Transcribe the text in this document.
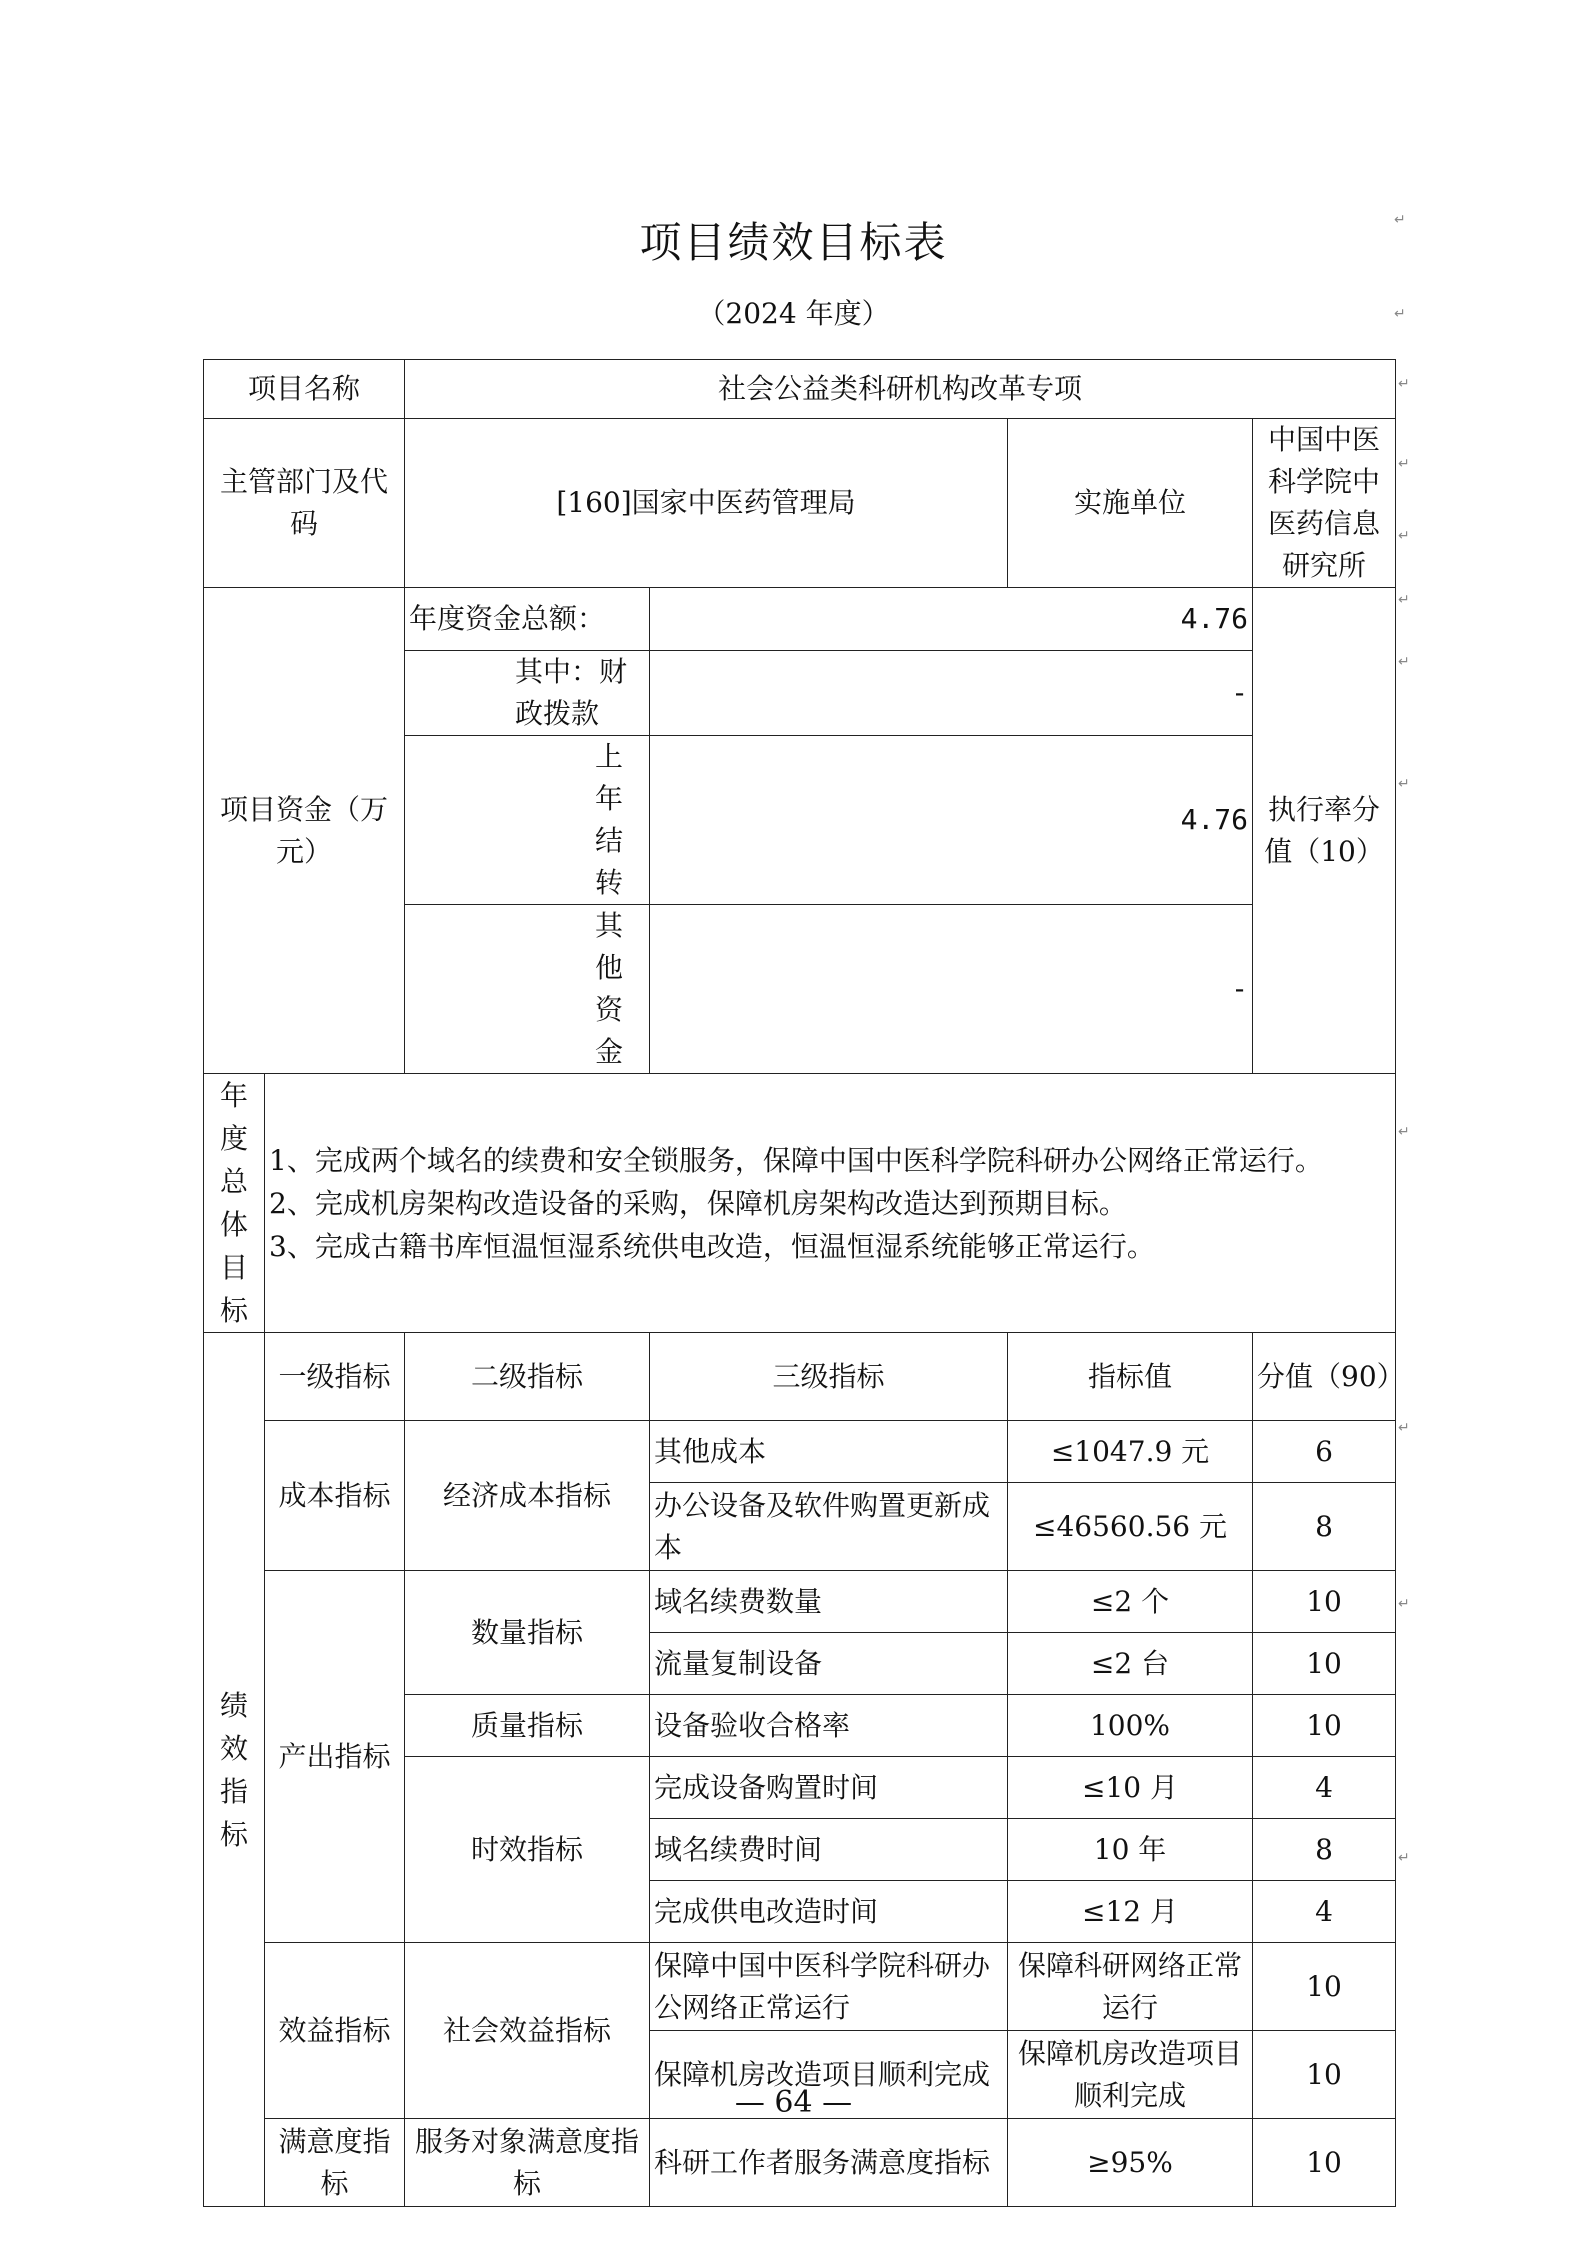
项目绩效目标表
（2024 年度）
项目名称		社会公益类科研机构改革专项			
主管部门及代码		[160]国家中医药管理局		实施单位	中国中医科学院中医药信息研究所
项目资金（万元）		年度资金总额：	4.76		执行率分值（10）
		其中：财政拨款	-		
		上年结转	4.76		
		其他资金	-		

年度总体目标	1、完成两个域名的续费和安全锁服务，保障中国中医科学院科研办公网络正常运行。
2、完成机房架构改造设备的采购，保障机房架构改造达到预期目标。
3、完成古籍书库恒温恒湿系统供电改造，恒温恒湿系统能够正常运行。				

绩效指标	一级指标	二级指标	三级指标	指标值	分值（90）
	成本指标	经济成本指标	其他成本	≤1047.9 元	6
			办公设备及软件购置更新成本	≤46560.56 元	8
	产出指标	数量指标	域名续费数量	≤2 个	10
			流量复制设备	≤2 台	10
		质量指标	设备验收合格率	100%	10
		时效指标	完成设备购置时间	≤10 月	4
			域名续费时间	10 年	8
			完成供电改造时间	≤12 月	4
	效益指标	社会效益指标	保障中国中医科学院科研办公网络正常运行	保障科研网络正常运行	10
			保障机房改造项目顺利完成	保障机房改造项目顺利完成	10
	满意度指标	服务对象满意度指标	科研工作者服务满意度指标	≥95%	10
— 64 —
↵
↵
↵
↵
↵
↵
↵
↵
↵
↵
↵
↵
